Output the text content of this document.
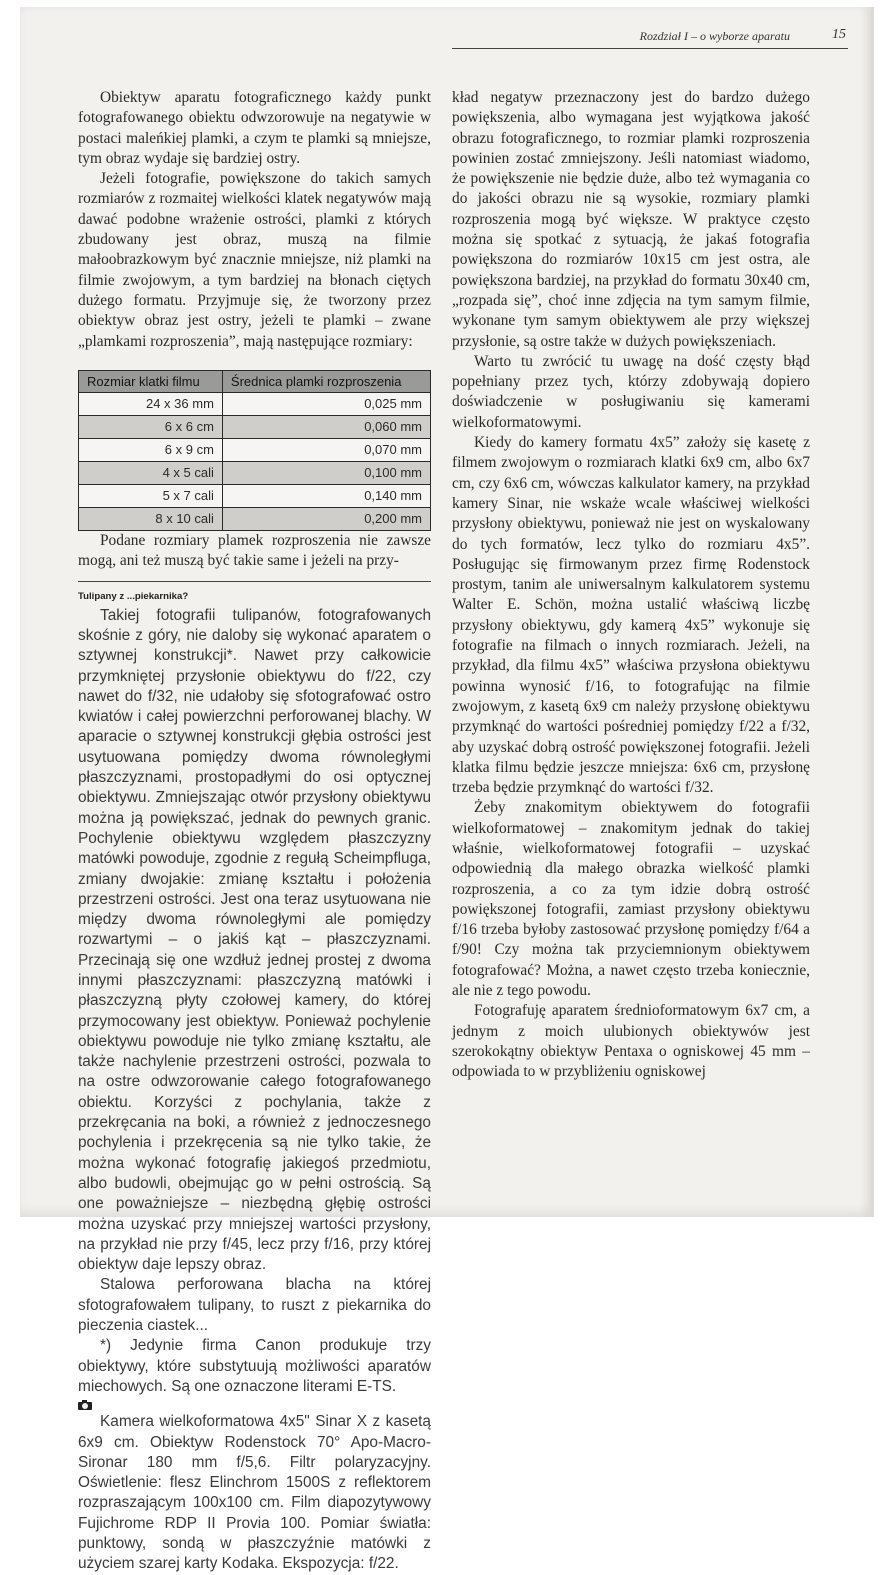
Rozdział I – o wyborze aparatu	15

Obiektyw aparatu fotograficznego każdy punkt fotografowanego obiektu odwzorowuje na negatywie w postaci maleńkiej plamki, a czym te plamki są mniejsze, tym obraz wydaje się bardziej ostry.

Jeżeli fotografie, powiększone do takich samych rozmiarów z rozmaitej wielkości klatek negatywów mają dawać podobne wrażenie ostrości, plamki z których zbudowany jest obraz, muszą na filmie małoobrazkowym być znacznie mniejsze, niż plamki na filmie zwojowym, a tym bardziej na błonach ciętych dużego formatu. Przyjmuje się, że tworzony przez obiektyw obraz jest ostry, jeżeli te plamki – zwane „plamkami rozproszenia”, mają następujące rozmiary:

Rozmiar klatki filmu	Średnica plamki rozproszenia
24 x 36 mm	0,025 mm
6 x 6 cm	0,060 mm
6 x 9 cm	0,070 mm
4 x 5 cali	0,100 mm
5 x 7 cali	0,140 mm
8 x 10 cali	0,200 mm

Podane rozmiary plamek rozproszenia nie zawsze mogą, ani też muszą być takie same i jeżeli na przy-

Tulipany z ...piekarnika?

Takiej fotografii tulipanów, fotografowanych skośnie z góry, nie daloby się wykonać aparatem o sztywnej konstrukcji*. Nawet przy całkowicie przymkniętej przysłonie obiektywu do f/22, czy nawet do f/32, nie udałoby się sfotografować ostro kwiatów i całej powierzchni perforowanej blachy. W aparacie o sztywnej konstrukcji głębia ostrości jest usytuowana pomiędzy dwoma równoległymi płaszczyznami, prostopadłymi do osi optycznej obiektywu. Zmniejszając otwór przysłony obiektywu można ją powiększać, jednak do pewnych granic. Pochylenie obiektywu względem płaszczyzny matówki powoduje, zgodnie z regułą Scheimpfluga, zmiany dwojakie: zmianę kształtu i położenia przestrzeni ostrości. Jest ona teraz usytuowana nie między dwoma równoległymi ale pomiędzy rozwartymi – o jakiś kąt – płaszczyznami. Przecinają się one wzdłuż jednej prostej z dwoma innymi płaszczyznami: płaszczyzną matówki i płaszczyzną płyty czołowej kamery, do której przymocowany jest obiektyw. Ponieważ pochylenie obiektywu powoduje nie tylko zmianę kształtu, ale także nachylenie przestrzeni ostrości, pozwala to na ostre odwzorowanie całego fotografowanego obiektu. Korzyści z pochylania, także z przekręcania na boki, a również z jednoczesnego pochylenia i przekręcenia są nie tylko takie, że można wykonać fotografię jakiegoś przedmiotu, albo budowli, obejmując go w pełni ostrością. Są one poważniejsze – niezbędną głębię ostrości można uzyskać przy mniejszej wartości przysłony, na przykład nie przy f/45, lecz przy f/16, przy której obiektyw daje lepszy obraz.

Stalowa perforowana blacha na której sfotografowałem tulipany, to ruszt z piekarnika do pieczenia ciastek...

*) Jedynie firma Canon produkuje trzy obiektywy, które substytuują możliwości aparatów miechowych. Są one oznaczone literami E-TS.

Kamera wielkoformatowa 4x5" Sinar X z kasetą 6x9 cm. Obiektyw Rodenstock 70° Apo-Macro-Sironar 180 mm f/5,6. Filtr polaryzacyjny. Oświetlenie: flesz Elinchrom 1500S z reflektorem rozpraszającym 100x100 cm. Film diapozytywowy Fujichrome RDP II Provia 100. Pomiar światła: punktowy, sondą w płaszczyźnie matówki z użyciem szarej karty Kodaka. Ekspozycja: f/22.

kład negatyw przeznaczony jest do bardzo dużego powiększenia, albo wymagana jest wyjątkowa jakość obrazu fotograficznego, to rozmiar plamki rozproszenia powinien zostać zmniejszony. Jeśli natomiast wiadomo, że powiększenie nie będzie duże, albo też wymagania co do jakości obrazu nie są wysokie, rozmiary plamki rozproszenia mogą być większe. W praktyce często można się spotkać z sytuacją, że jakaś fotografia powiększona do rozmiarów 10x15 cm jest ostra, ale powiększona bardziej, na przykład do formatu 30x40 cm, „rozpada się”, choć inne zdjęcia na tym samym filmie, wykonane tym samym obiektywem ale przy większej przysłonie, są ostre także w dużych powiększeniach.

Warto tu zwrócić tu uwagę na dość częsty błąd popełniany przez tych, którzy zdobywają dopiero doświadczenie w posługiwaniu się kamerami wielkoformatowymi.

Kiedy do kamery formatu 4x5” założy się kasetę z filmem zwojowym o rozmiarach klatki 6x9 cm, albo 6x7 cm, czy 6x6 cm, wówczas kalkulator kamery, na przykład kamery Sinar, nie wskaże wcale właściwej wielkości przysłony obiektywu, ponieważ nie jest on wyskalowany do tych formatów, lecz tylko do rozmiaru 4x5”. Posługując się firmowanym przez firmę Rodenstock prostym, tanim ale uniwersalnym kalkulatorem systemu Walter E. Schön, można ustalić właściwą liczbę przysłony obiektywu, gdy kamerą 4x5” wykonuje się fotografie na filmach o innych rozmiarach. Jeżeli, na przykład, dla filmu 4x5” właściwa przysłona obiektywu powinna wynosić f/16, to fotografując na filmie zwojowym, z kasetą 6x9 cm należy przysłonę obiektywu przymknąć do wartości pośredniej pomiędzy f/22 a f/32, aby uzyskać dobrą ostrość powiększonej fotografii. Jeżeli klatka filmu będzie jeszcze mniejsza: 6x6 cm, przysłonę trzeba będzie przymknąć do wartości f/32.

Żeby znakomitym obiektywem do fotografii wielkoformatowej – znakomitym jednak do takiej właśnie, wielkoformatowej fotografii – uzyskać odpowiednią dla małego obrazka wielkość plamki rozproszenia, a co za tym idzie dobrą ostrość powiększonej fotografii, zamiast przysłony obiektywu f/16 trzeba byłoby zastosować przysłonę pomiędzy f/64 a f/90! Czy można tak przyciemnionym obiektywem fotografować? Można, a nawet często trzeba koniecznie, ale nie z tego powodu.

Fotografuję aparatem średnioformatowym 6x7 cm, a jednym z moich ulubionych obiektywów jest szerokokątny obiektyw Pentaxa o ogniskowej 45 mm – odpowiada to w przybliżeniu ogniskowej
